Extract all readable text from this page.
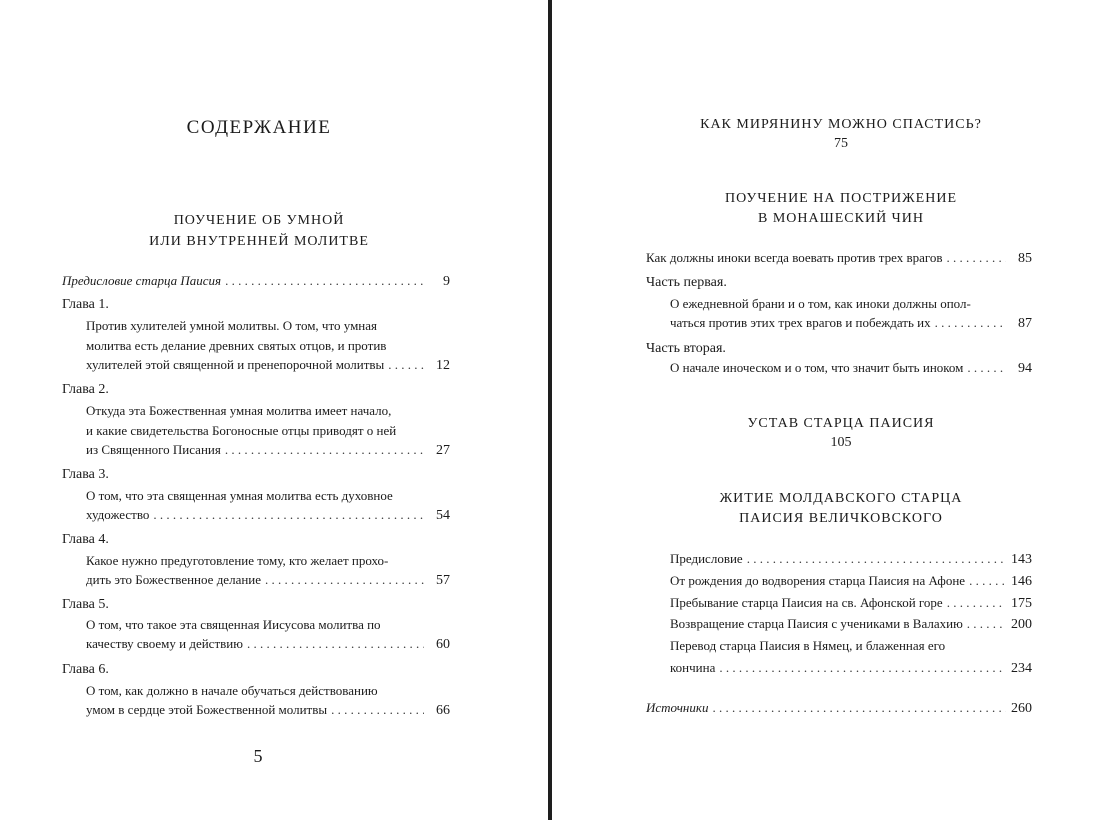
СОДЕРЖАНИЕ
ПОУЧЕНИЕ ОБ УМНОЙ
ИЛИ ВНУТРЕННЕЙ МОЛИТВЕ
Предисловие старца Паисия . . .	9
Глава 1.
Против хулителей умной молитвы. О том, что умная
молитва есть делание древних святых отцов, и против
хулителей этой священной и пренепорочной молитвы . . .	12
Глава 2.
Откуда эта Божественная умная молитва имеет начало,
и какие свидетельства Богоносные отцы приводят о ней
из Священного Писания . . .	27
Глава 3.
О том, что эта священная умная молитва есть духовное
художество . . .	54
Глава 4.
Какое нужно предуготовление тому, кто желает прохо-
дить это Божественное делание . . .	57
Глава 5.
О том, что такое эта священная Иисусова молитва по
качеству своему и действию . . .	60
Глава 6.
О том, как должно в начале обучаться действованию
умом в сердце этой Божественной молитвы . . .	66
5
КАК МИРЯНИНУ МОЖНО СПАСТИСЬ?
75
ПОУЧЕНИЕ НА ПОСТРИЖЕНИЕ
В МОНАШЕСКИЙ ЧИН
Как должны иноки всегда воевать против трех врагов . . .	85
Часть первая.
О ежедневной брани и о том, как иноки должны опол-
чаться против этих трех врагов и побеждать их . . .	87
Часть вторая.
О начале иноческом и о том, что значит быть иноком . . .	94
УСТАВ СТАРЦА ПАИСИЯ
105
ЖИТИЕ МОЛДАВСКОГО СТАРЦА
ПАИСИЯ ВЕЛИЧКОВСКОГО
Предисловие . . .	143
От рождения до водворения старца Паисия на Афоне . . .	146
Пребывание старца Паисия на св. Афонской горе . . .	175
Возвращение старца Паисия с учениками в Валахию . . .	200
Перевод старца Паисия в Нямец, и блаженная его
кончина . . .	234
Источники . . .	260
